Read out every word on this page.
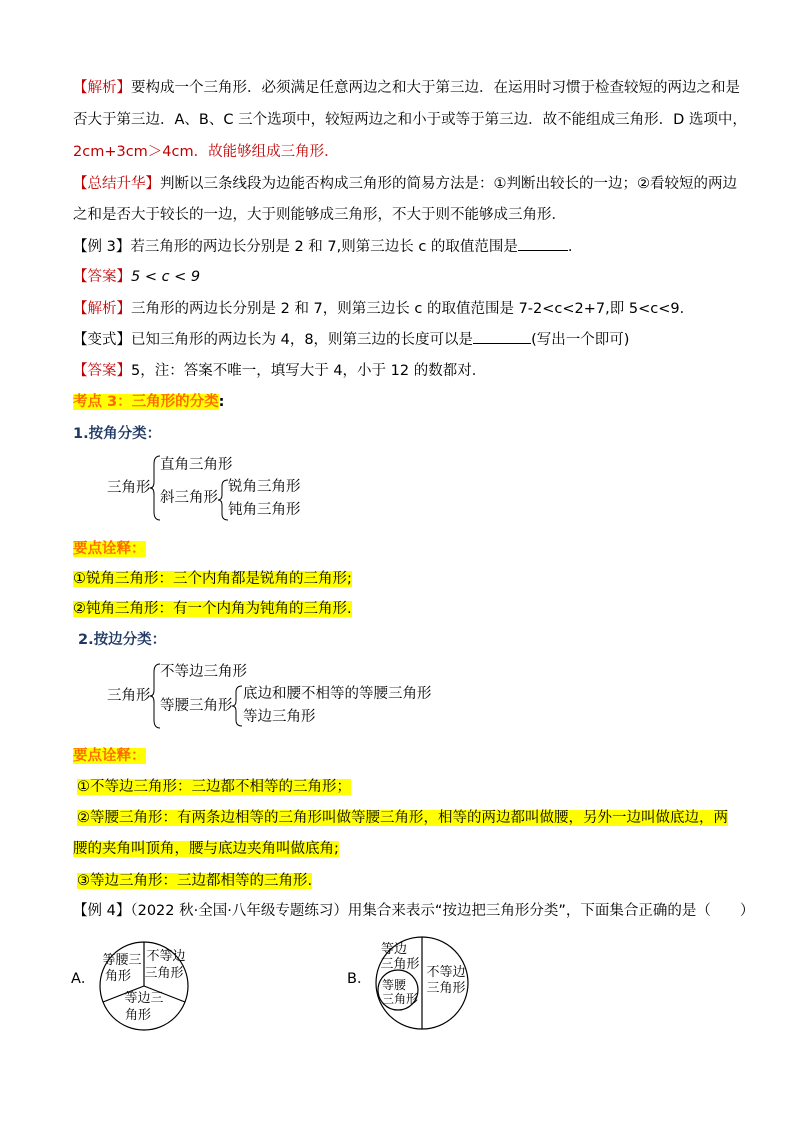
【解析】要构成一个三角形．必须满足任意两边之和大于第三边．在运用时习惯于检查较短的两边之和是
否大于第三边．A、B、C 三个选项中，较短两边之和小于或等于第三边．故不能组成三角形．D 选项中，
2cm+3cm＞4cm．故能够组成三角形．
【总结升华】判断以三条线段为边能否构成三角形的简易方法是：①判断出较长的一边；②看较短的两边
之和是否大于较长的一边，大于则能够成三角形，不大于则不能够成三角形．
【例 3】若三角形的两边长分别是 2 和 7,则第三边长 c 的取值范围是	.
【答案】5 < c < 9
【解析】三角形的两边长分别是 2 和 7，则第三边长 c 的取值范围是 7-2<c<2+7,即 5<c<9．
【变式】已知三角形的两边长为 4，8，则第三边的长度可以是	(写出一个即可)
【答案】5，注：答案不唯一，填写大于 4，小于 12 的数都对．
考点 3：三角形的分类:
1.按角分类：
三角形
直角三角形
斜三角形
锐角三角形
钝角三角形
要点诠释：
①锐角三角形：三个内角都是锐角的三角形;
②钝角三角形：有一个内角为钝角的三角形.
2.按边分类：
三角形
不等边三角形
等腰三角形
底边和腰不相等的等腰三角形
等边三角形
要点诠释：
①不等边三角形：三边都不相等的三角形；
②等腰三角形：有两条边相等的三角形叫做等腰三角形，相等的两边都叫做腰，另外一边叫做底边，两
腰的夹角叫顶角，腰与底边夹角叫做底角;
③等边三角形：三边都相等的三角形.
【例 4】（2022 秋·全国·八年级专题练习）用集合来表示“按边把三角形分类”，下面集合正确的是（　　）
A．
等腰三
角形
不等边
三角形
等边三
角形
B．
等边
三角形
等腰
三角形
不等边
三角形
